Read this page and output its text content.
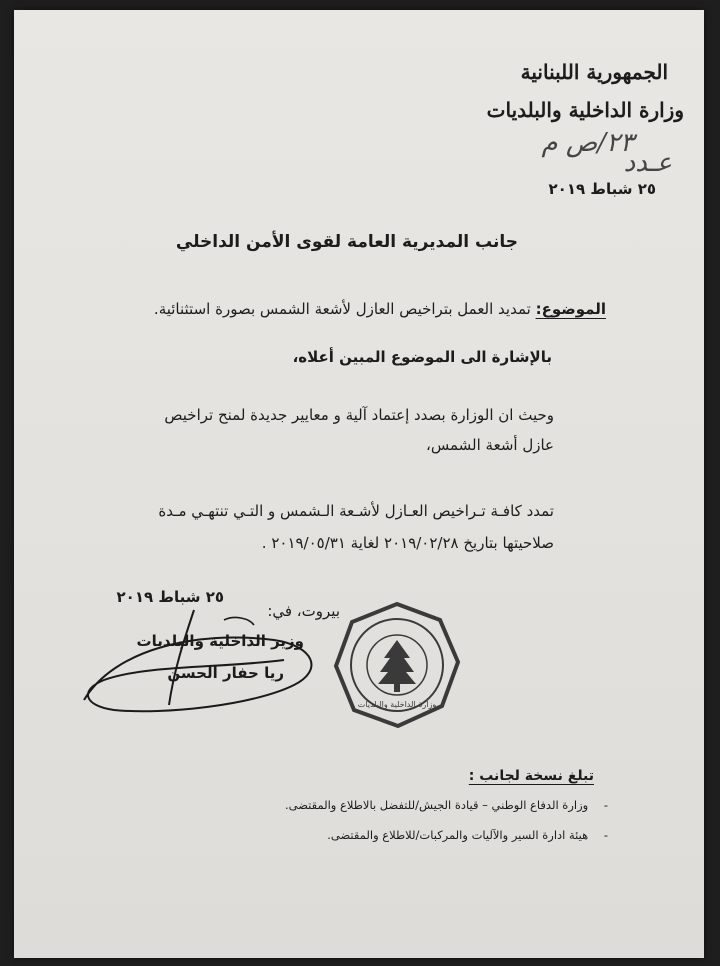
الجمهورية اللبنانية
وزارة الداخلية والبلديات
٢٣/ص م
عـدد
٢٥ شباط ٢٠١٩
جانب المديرية العامة لقوى الأمن الداخلي
الموضوع: تمديد العمل بتراخيص العازل لأشعة الشمس بصورة استثنائية.
بالإشارة الى الموضوع المبين أعلاه،
وحيث ان الوزارة بصدد إعتماد آلية و معايير جديدة لمنح تراخيص
عازل أشعة الشمس،
تمدد كافـة تـراخيص العـازل لأشـعة الـشمس و التـي تنتهـي مـدة
صلاحيتها بتاريخ ٢٠١٩/٠٢/٢٨ لغاية ٢٠١٩/٠٥/٣١ .
٢٥ شباط ٢٠١٩
بيروت، في:
وزير الداخلية والبلديات
ريا حفار الحسن
وزارة الداخلية والبلديات
تبلغ نسخة لجانب :
- وزارة الدفاع الوطني – قيادة الجيش/للتفضل بالاطلاع والمقتضى.
- هيئة ادارة السير والآليات والمركبات/للاطلاع والمقتضى.
